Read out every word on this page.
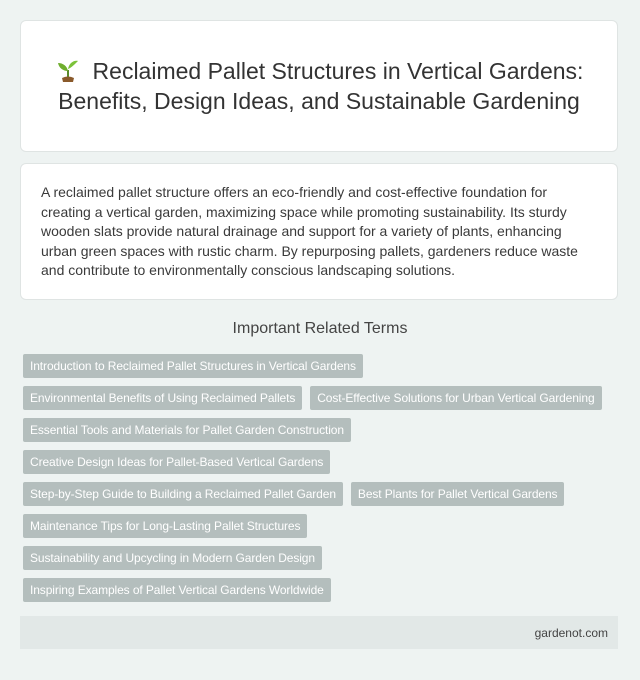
Reclaimed Pallet Structures in Vertical Gardens: Benefits, Design Ideas, and Sustainable Gardening

A reclaimed pallet structure offers an eco-friendly and cost-effective foundation for creating a vertical garden, maximizing space while promoting sustainability. Its sturdy wooden slats provide natural drainage and support for a variety of plants, enhancing urban green spaces with rustic charm. By repurposing pallets, gardeners reduce waste and contribute to environmentally conscious landscaping solutions.

Important Related Terms
Introduction to Reclaimed Pallet Structures in Vertical Gardens
Environmental Benefits of Using Reclaimed Pallets	Cost-Effective Solutions for Urban Vertical Gardening
Essential Tools and Materials for Pallet Garden Construction
Creative Design Ideas for Pallet-Based Vertical Gardens
Step-by-Step Guide to Building a Reclaimed Pallet Garden	Best Plants for Pallet Vertical Gardens
Maintenance Tips for Long-Lasting Pallet Structures
Sustainability and Upcycling in Modern Garden Design
Inspiring Examples of Pallet Vertical Gardens Worldwide
gardenot.com
